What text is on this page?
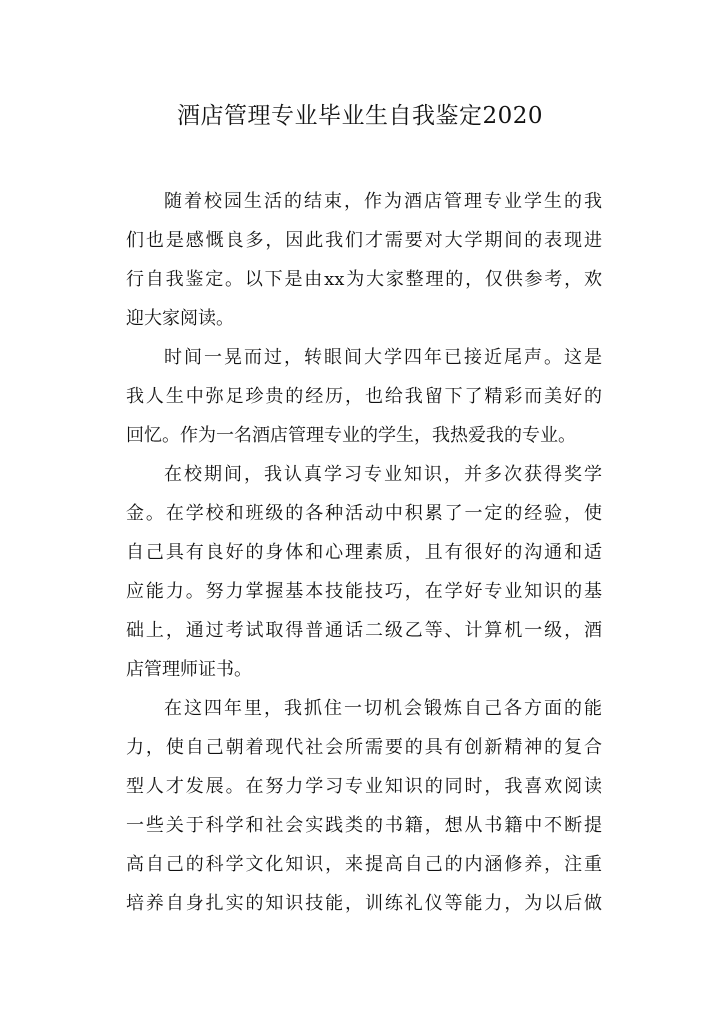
酒店管理专业毕业生自我鉴定2020
随着校园生活的结束，作为酒店管理专业学生的我
们也是感慨良多，因此我们才需要对大学期间的表现进
行自我鉴定。以下是由xx为大家整理的，仅供参考，欢
迎大家阅读。
时间一晃而过，转眼间大学四年已接近尾声。这是
我人生中弥足珍贵的经历，也给我留下了精彩而美好的
回忆。作为一名酒店管理专业的学生，我热爱我的专业。
在校期间，我认真学习专业知识，并多次获得奖学
金。在学校和班级的各种活动中积累了一定的经验，使
自己具有良好的身体和心理素质，且有很好的沟通和适
应能力。努力掌握基本技能技巧，在学好专业知识的基
础上，通过考试取得普通话二级乙等、计算机一级，酒
店管理师证书。
在这四年里，我抓住一切机会锻炼自己各方面的能
力，使自己朝着现代社会所需要的具有创新精神的复合
型人才发展。在努力学习专业知识的同时，我喜欢阅读
一些关于科学和社会实践类的书籍，想从书籍中不断提
高自己的科学文化知识，来提高自己的内涵修养，注重
培养自身扎实的知识技能，训练礼仪等能力，为以后做
